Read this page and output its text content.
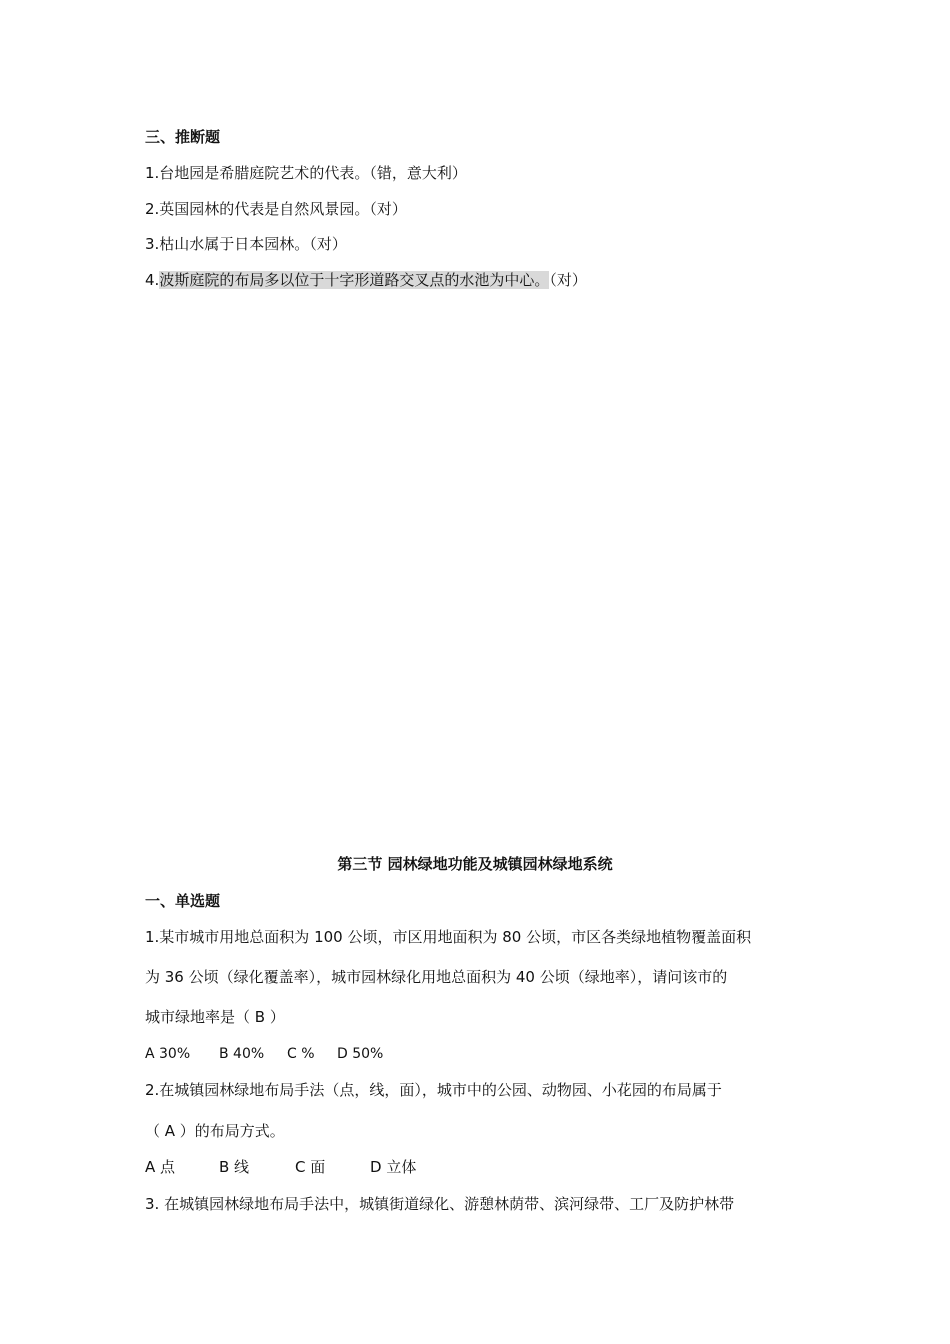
三、推断题
1.台地园是希腊庭院艺术的代表。（错，意大利）
2.英国园林的代表是自然风景园。（对）
3.枯山水属于日本园林。（对）
4.波斯庭院的布局多以位于十字形道路交叉点的水池为中心。（对）
第三节 园林绿地功能及城镇园林绿地系统
一、单选题
1.某市城市用地总面积为 100 公顷，市区用地面积为 80 公顷，市区各类绿地植物覆盖面积
为 36 公顷（绿化覆盖率），城市园林绿化用地总面积为 40 公顷（绿地率），请问该市的
城市绿地率是（ B ）
A 30% B 40% C % D 50%
2.在城镇园林绿地布局手法（点，线，面），城市中的公园、动物园、小花园的布局属于
（ A ）的布局方式。
A 点	B 线	C 面	D 立体
3. 在城镇园林绿地布局手法中，城镇街道绿化、游憩林荫带、滨河绿带、工厂及防护林带
